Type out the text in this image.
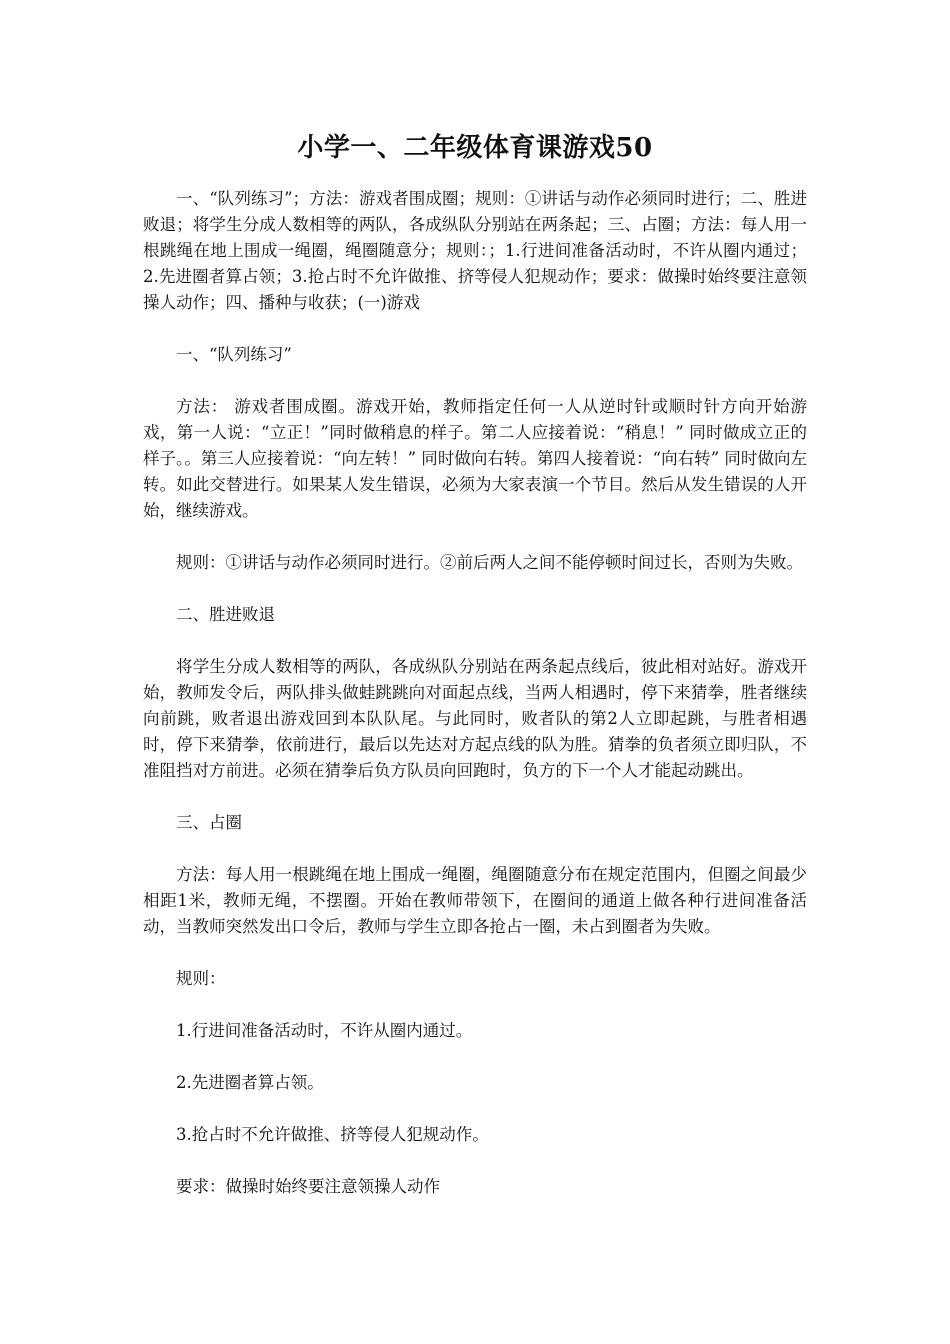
小学一、二年级体育课游戏50

一、“队列练习”；方法：游戏者围成圈；规则：①讲话与动作必须同时进行；二、胜进败退；将学生分成人数相等的两队，各成纵队分别站在两条起；三、占圈；方法：每人用一根跳绳在地上围成一绳圈，绳圈随意分；规则：；1.行进间准备活动时，不许从圈内通过；2.先进圈者算占领；3.抢占时不允许做推、挤等侵人犯规动作；要求：做操时始终要注意领操人动作；四、播种与收获；(一)游戏

一、“队列练习”

方法： 游戏者围成圈。游戏开始，教师指定任何一人从逆时针或顺时针方向开始游戏，第一人说：“立正！”同时做稍息的样子。第二人应接着说：“稍息！” 同时做成立正的样子。。第三人应接着说：“向左转！” 同时做向右转。第四人接着说：“向右转” 同时做向左转。如此交替进行。如果某人发生错误，必须为大家表演一个节目。然后从发生错误的人开始，继续游戏。

规则：①讲话与动作必须同时进行。②前后两人之间不能停顿时间过长，否则为失败。

二、胜进败退

将学生分成人数相等的两队，各成纵队分别站在两条起点线后，彼此相对站好。游戏开始，教师发令后，两队排头做蛙跳跳向对面起点线，当两人相遇时，停下来猜拳，胜者继续向前跳，败者退出游戏回到本队队尾。与此同时，败者队的第2人立即起跳，与胜者相遇时，停下来猜拳，依前进行，最后以先达对方起点线的队为胜。猜拳的负者须立即归队，不准阻挡对方前进。必须在猜拳后负方队员向回跑时，负方的下一个人才能起动跳出。

三、占圈

方法：每人用一根跳绳在地上围成一绳圈，绳圈随意分布在规定范围内，但圈之间最少相距1米，教师无绳，不摆圈。开始在教师带领下，在圈间的通道上做各种行进间准备活动，当教师突然发出口令后，教师与学生立即各抢占一圈，未占到圈者为失败。

规则：

1.行进间准备活动时，不许从圈内通过。

2.先进圈者算占领。

3.抢占时不允许做推、挤等侵人犯规动作。

要求：做操时始终要注意领操人动作
